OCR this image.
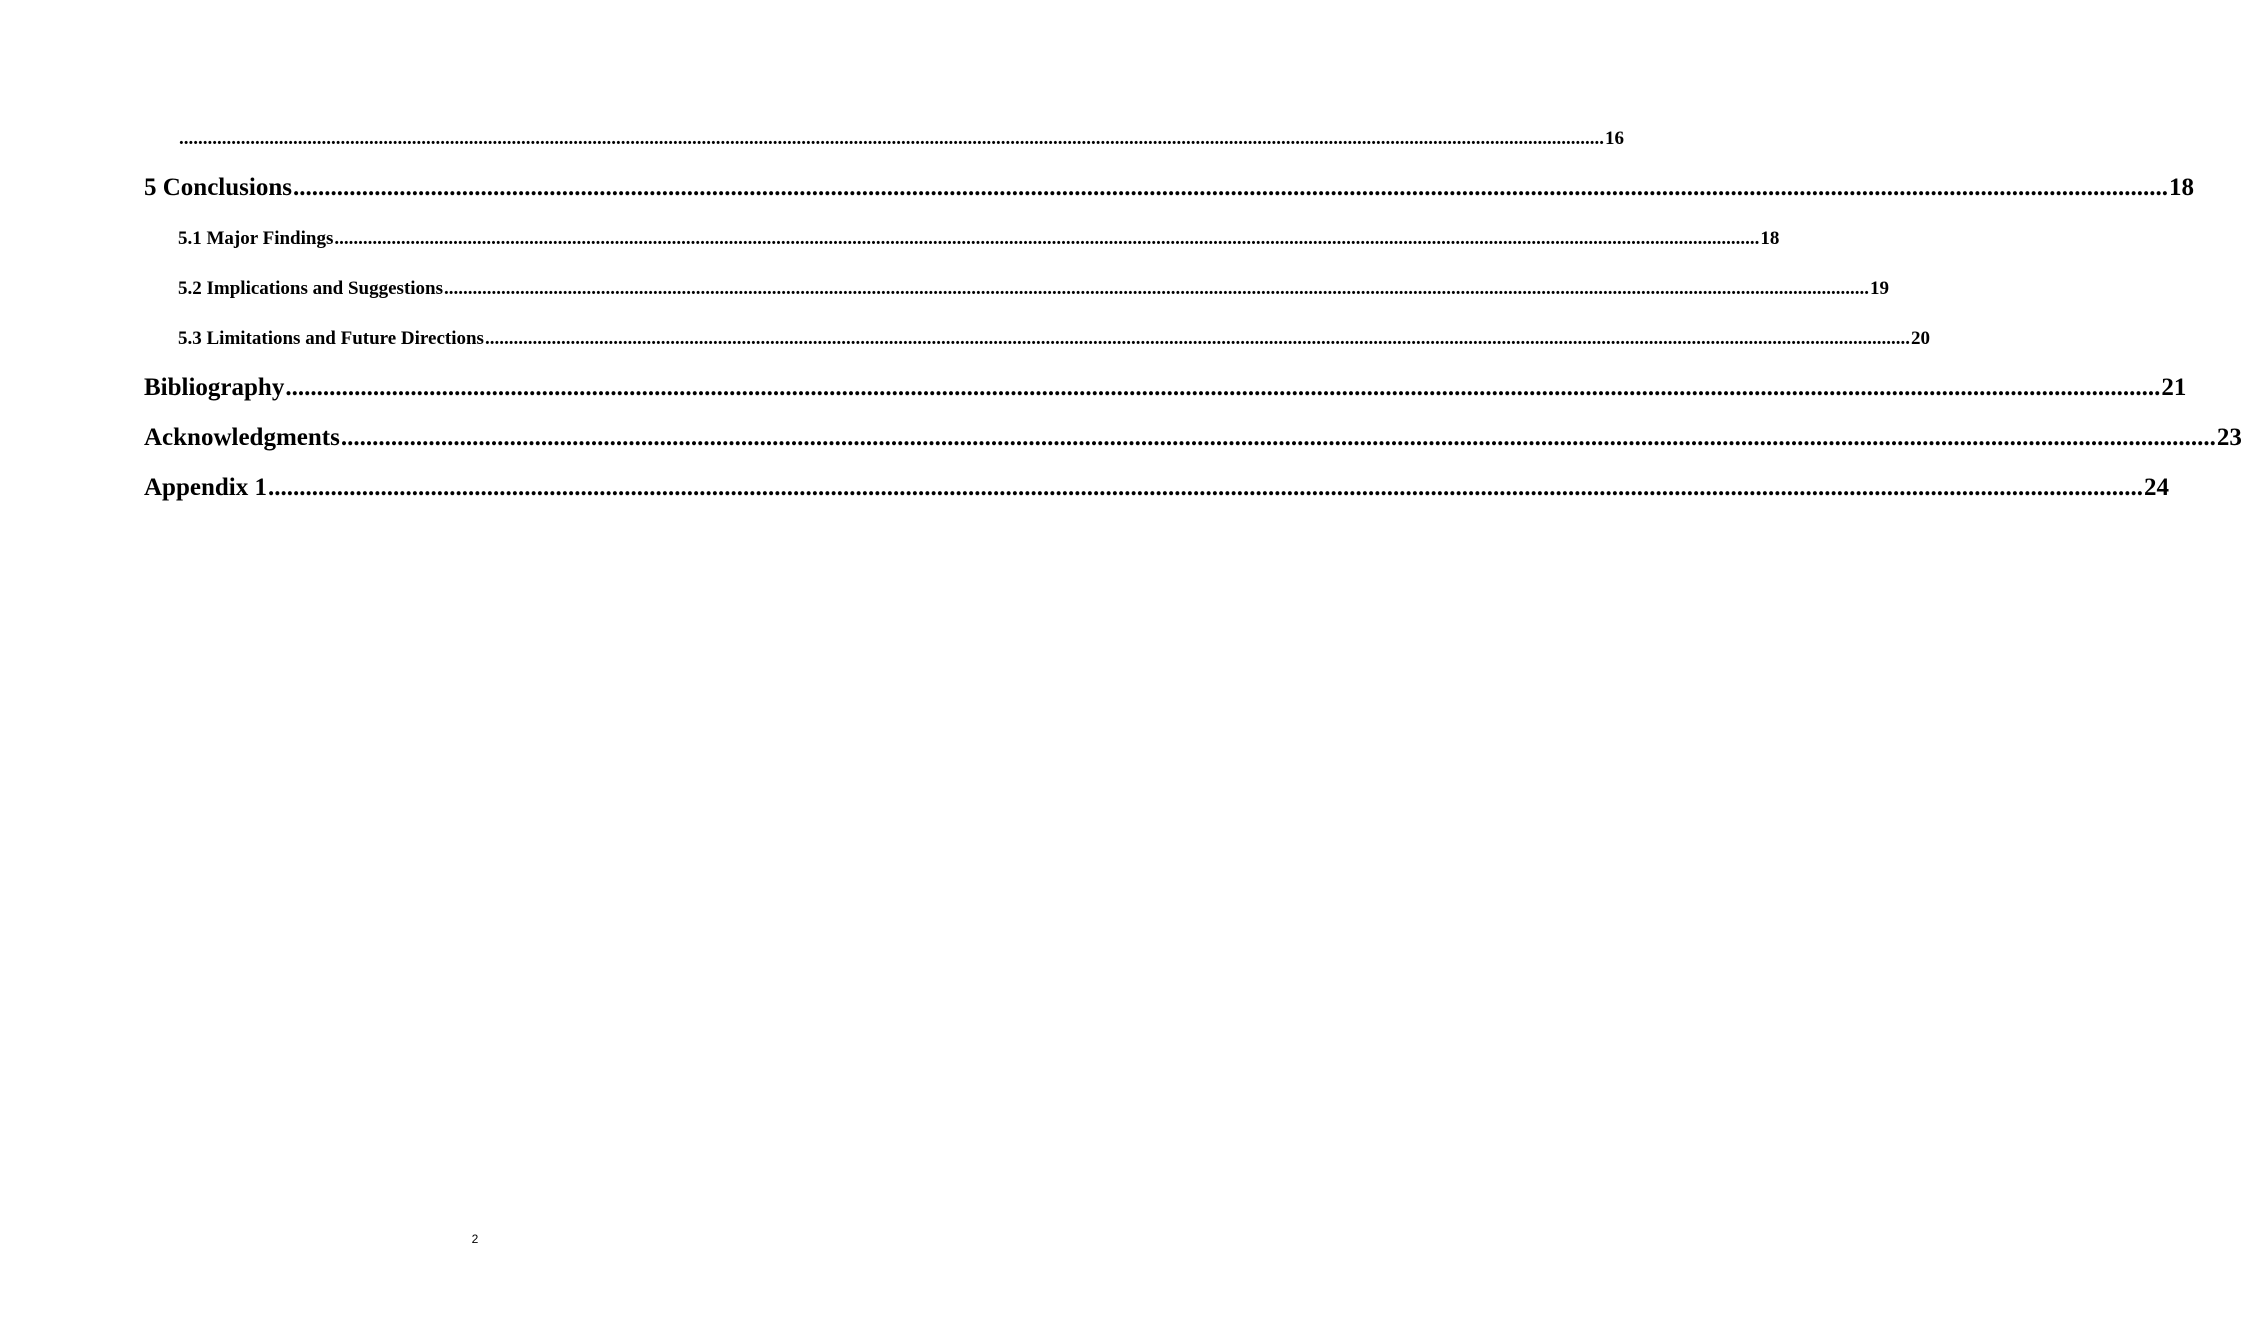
............................................................................................................................................................................................................................................................................................................ 16
5 Conclusions ............................................................................................................................................................................................................................................................................................................ 18
5.1 Major Findings ............................................................................................................................................................................................................................................................................................................ 18
5.2 Implications and Suggestions ............................................................................................................................................................................................................................................................................................................ 19
5.3 Limitations and Future Directions ............................................................................................................................................................................................................................................................................................................ 20
Bibliography ............................................................................................................................................................................................................................................................................................................ 21
Acknowledgments ............................................................................................................................................................................................................................................................................................................ 23
Appendix 1 ............................................................................................................................................................................................................................................................................................................ 24
2
